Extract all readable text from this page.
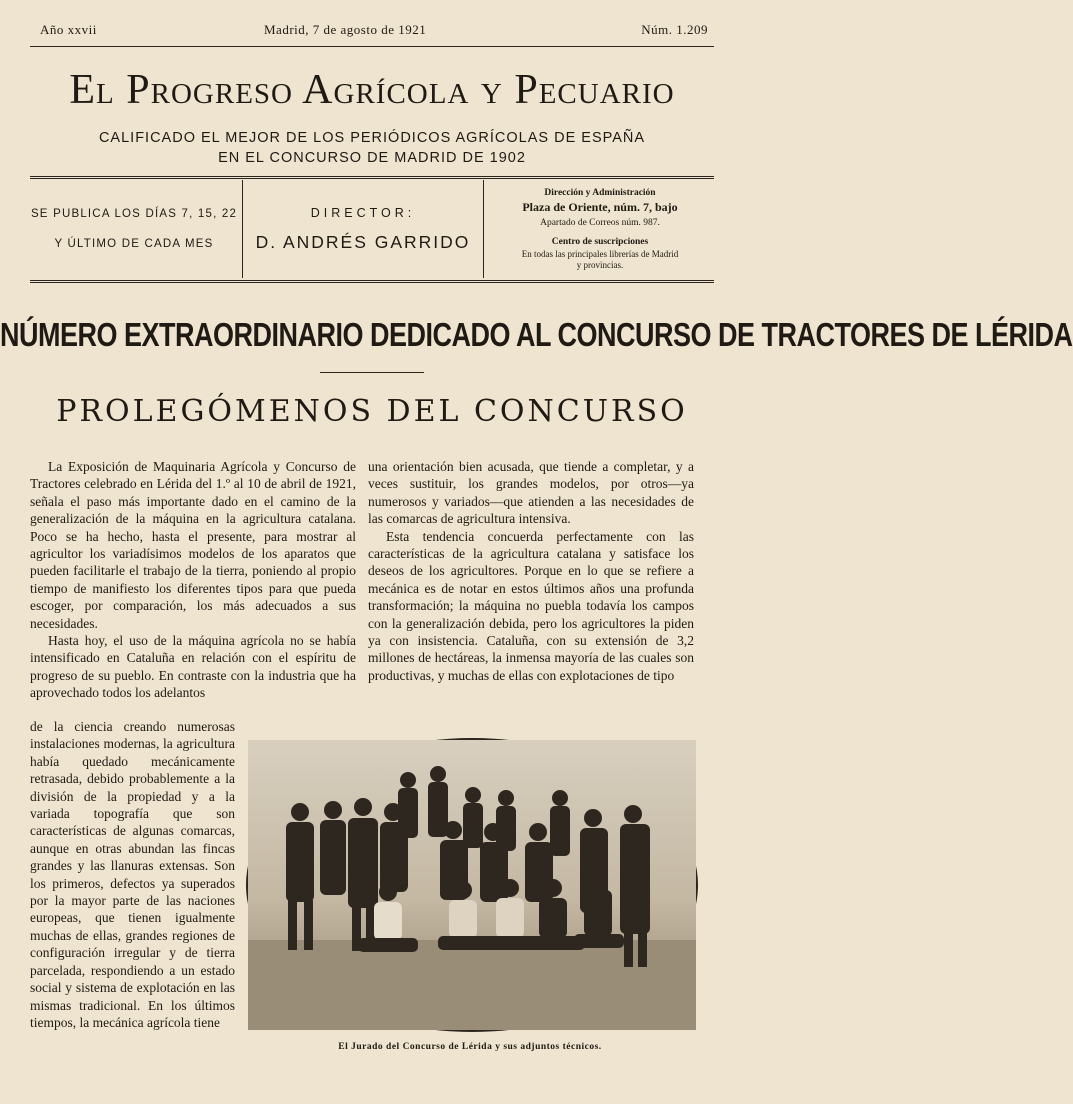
Año xxvii	Madrid, 7 de agosto de 1921	Núm. 1.209
El Progreso Agrícola y Pecuario
CALIFICADO EL MEJOR DE LOS PERIÓDICOS AGRÍCOLAS DE ESPAÑA
EN EL CONCURSO DE MADRID DE 1902
SE PUBLICA LOS DÍAS 7, 15, 22
Y ÚLTIMO DE CADA MES
DIRECTOR:
D. ANDRÉS GARRIDO
Dirección y Administración
Plaza de Oriente, núm. 7, bajo
Apartado de Correos núm. 987.
Centro de suscripciones
En todas las principales librerías de Madrid
y provincias.
NÚMERO EXTRAORDINARIO DEDICADO AL CONCURSO DE TRACTORES DE LÉRIDA
PROLEGÓMENOS DEL CONCURSO

La Exposición de Maquinaria Agrícola y Concurso de Tractores celebrado en Lérida del 1.º al 10 de abril de 1921, señala el paso más importante dado en el camino de la generalización de la máquina en la agricultura catalana. Poco se ha hecho, hasta el presente, para mostrar al agricultor los variadísimos modelos de los aparatos que pueden facilitarle el trabajo de la tierra, poniendo al propio tiempo de manifiesto los diferentes tipos para que pueda escoger, por comparación, los más adecuados a sus necesidades.

Hasta hoy, el uso de la máquina agrícola no se había intensificado en Cataluña en relación con el espíritu de progreso de su pueblo. En contraste con la industria que ha aprovechado todos los adelantos

de la ciencia creando numerosas instalaciones modernas, la agricultura había quedado mecánicamente retrasada, debido probablemente a la división de la propiedad y a la variada topografía que son características de algunas comarcas, aunque en otras abundan las fincas grandes y las llanuras extensas. Son los primeros, defectos ya superados por la mayor parte de las naciones europeas, que tienen igualmente muchas de ellas, grandes regiones de configuración irregular y de tierra parcelada, respondiendo a un estado social y sistema de explotación en las mismas tradicional. En los últimos tiempos, la mecánica agrícola tiene

una orientación bien acusada, que tiende a completar, y a veces sustituir, los grandes modelos, por otros—ya numerosos y variados—que atienden a las necesidades de las comarcas de agricultura intensiva.

Esta tendencia concuerda perfectamente con las características de la agricultura catalana y satisface los deseos de los agricultores. Porque en lo que se refiere a mecánica es de notar en estos últimos años una profunda transformación; la máquina no puebla todavía los campos con la generalización debida, pero los agricultores la piden ya con insistencia. Cataluña, con su extensión de 3,2 millones de hectáreas, la inmensa mayoría de las cuales son productivas, y muchas de ellas con explotaciones de tipo

El Jurado del Concurso de Lérida y sus adjuntos técnicos.
